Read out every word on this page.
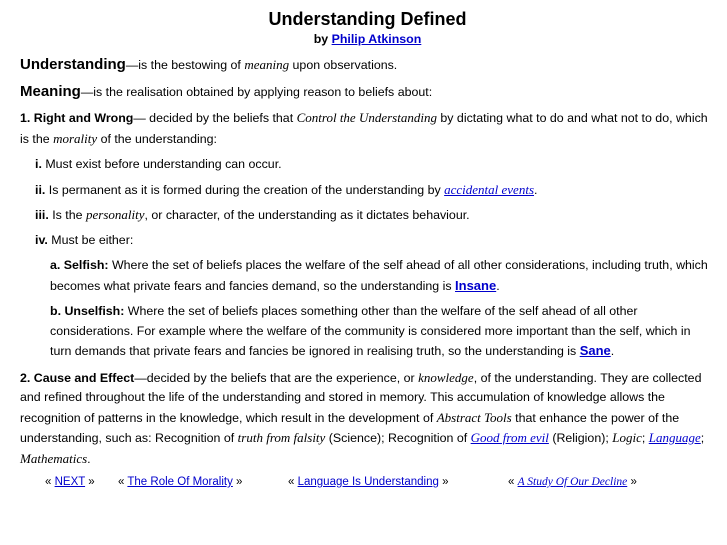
Understanding Defined
by Philip Atkinson

Understanding—is the bestowing of meaning upon observations.

Meaning—is the realisation obtained by applying reason to beliefs about:

1. Right and Wrong— decided by the beliefs that Control the Understanding by dictating what to do and what not to do, which is the morality of the understanding:

i. Must exist before understanding can occur.

ii. Is permanent as it is formed during the creation of the understanding by accidental events.

iii. Is the personality, or character, of the understanding as it dictates behaviour.

iv. Must be either:

a. Selfish: Where the set of beliefs places the welfare of the self ahead of all other considerations, including truth, which becomes what private fears and fancies demand, so the understanding is Insane.

b. Unselfish: Where the set of beliefs places something other than the welfare of the self ahead of all other considerations. For example where the welfare of the community is considered more important than the self, which in turn demands that private fears and fancies be ignored in realising truth, so the understanding is Sane.

2. Cause and Effect—decided by the beliefs that are the experience, or knowledge, of the understanding. They are collected and refined throughout the life of the understanding and stored in memory. This accumulation of knowledge allows the recognition of patterns in the knowledge, which result in the development of Abstract Tools that enhance the power of the understanding, such as: Recognition of truth from falsity (Science); Recognition of Good from evil (Religion); Logic; Language; Mathematics.

« NEXT » « The Role Of Morality »	« Language Is Understanding »	« A Study Of Our Decline »
